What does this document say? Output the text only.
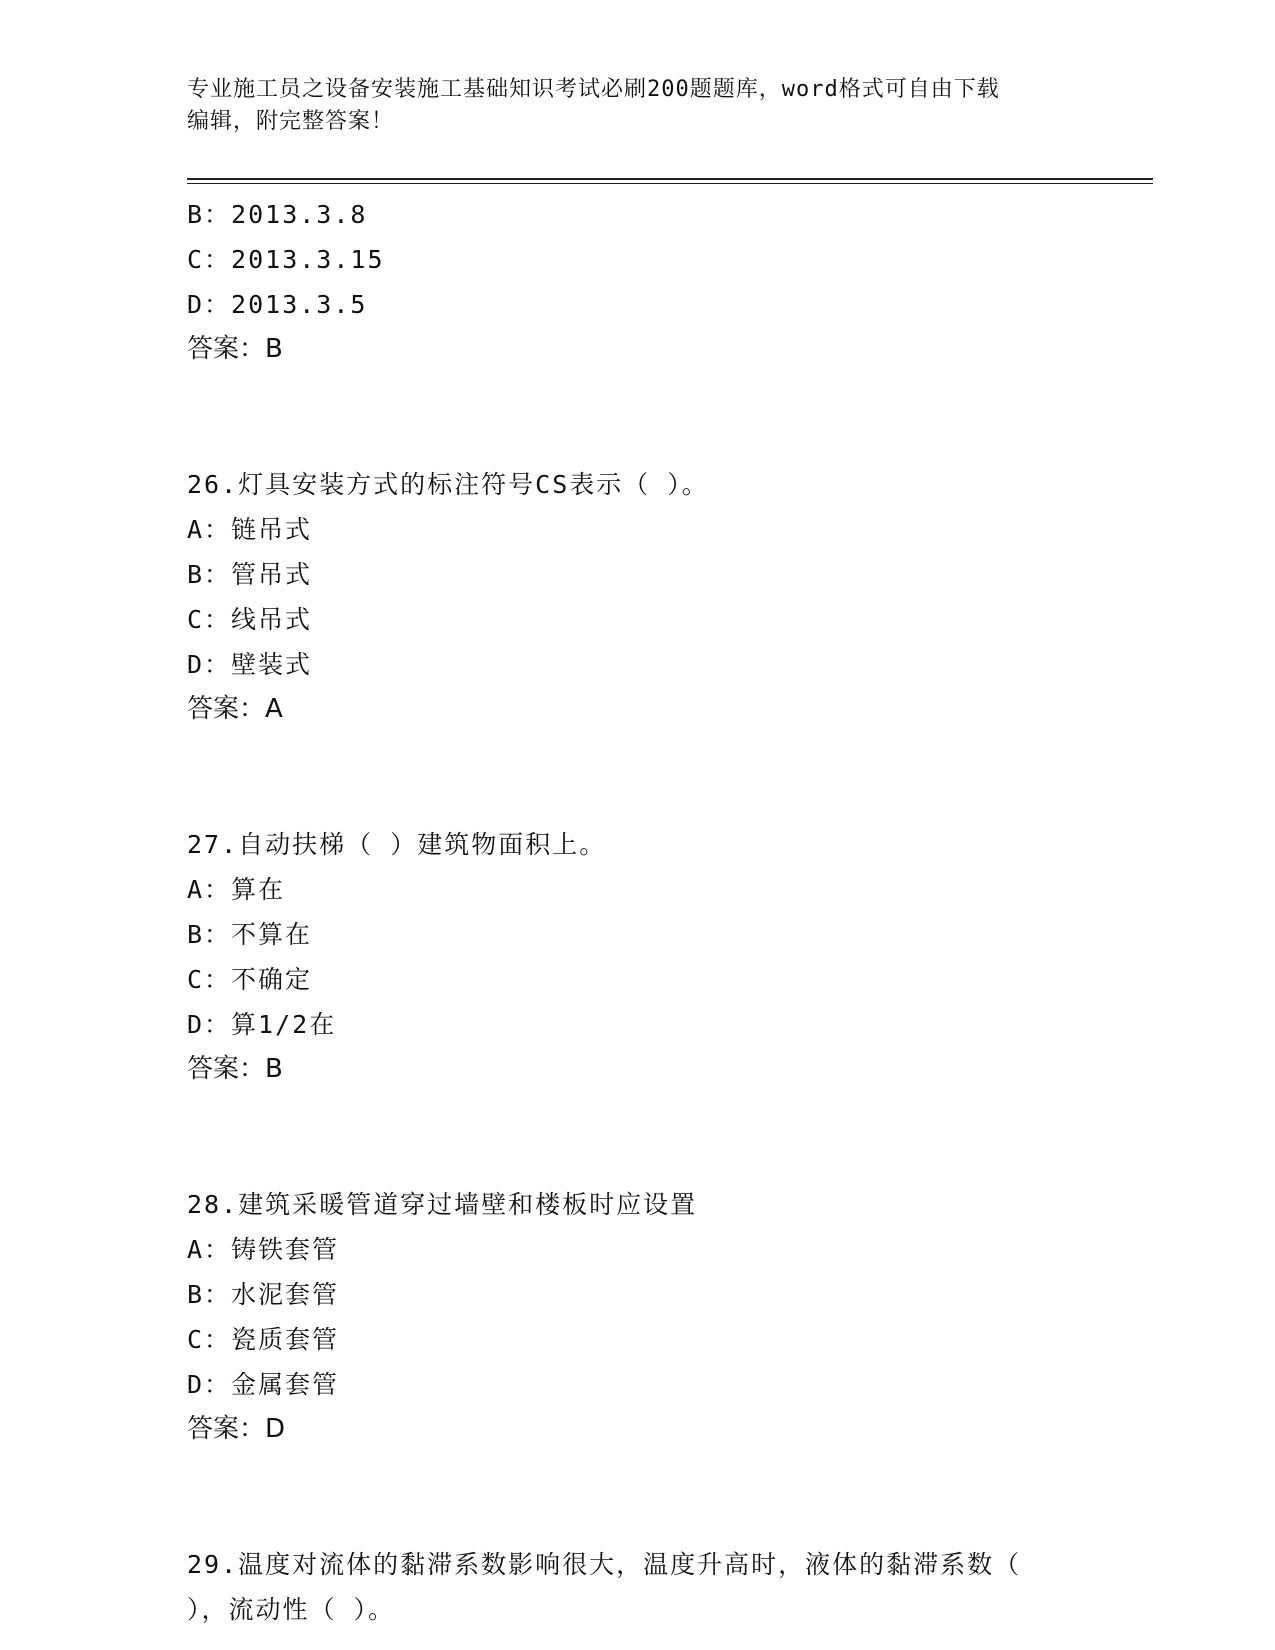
专业施工员之设备安装施工基础知识考试必刷200题题库，word格式可自由下载
编辑，附完整答案！
B：2013.3.8
C：2013.3.15
D：2013.3.5
答案：B
26.灯具安装方式的标注符号CS表示（ ）。
A：链吊式
B：管吊式
C：线吊式
D：壁装式
答案：A
27.自动扶梯（ ）建筑物面积上。
A：算在
B：不算在
C：不确定
D：算1/2在
答案：B
28.建筑采暖管道穿过墙壁和楼板时应设置
A：铸铁套管
B：水泥套管
C：瓷质套管
D：金属套管
答案：D
29.温度对流体的黏滞系数影响很大，温度升高时，液体的黏滞系数（
），流动性（ ）。
